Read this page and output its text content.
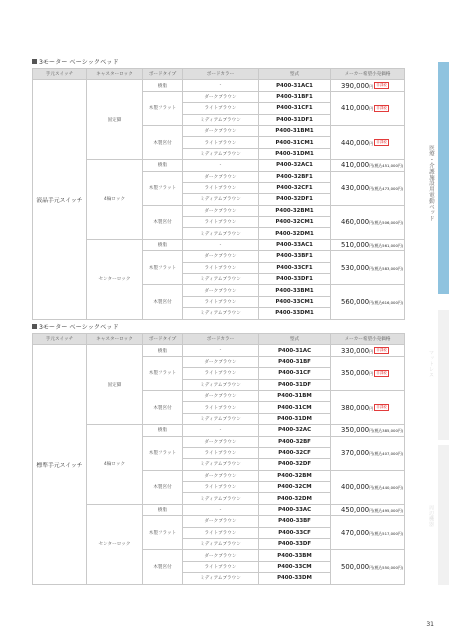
医療・介護施設用電動ベッド
マットレス
周辺機器
3モーター ベーシックベッド
手元スイッチ	キャスターロック	ボードタイプ	ボードカラー	型式	メーカー希望小売価格
液晶手元スイッチ	固定脚	樹脂	-	P400-31AC1	390,000円 非課税
		木製フラット	ダークブラウン	P400-31BF1	410,000円 非課税
			ライトブラウン	P400-31CF1	
			ミディアムブラウン	P400-31DF1	
		木製宮付	ダークブラウン	P400-31BM1	440,000円 非課税
			ライトブラウン	P400-31CM1	
			ミディアムブラウン	P400-31DM1	
	4輪ロック	樹脂	-	P400-32AC1	410,000円(税込451,000円)
		木製フラット	ダークブラウン	P400-32BF1	430,000円(税込473,000円)
			ライトブラウン	P400-32CF1	
			ミディアムブラウン	P400-32DF1	
		木製宮付	ダークブラウン	P400-32BM1	460,000円(税込506,000円)
			ライトブラウン	P400-32CM1	
			ミディアムブラウン	P400-32DM1	
	センターロック	樹脂	-	P400-33AC1	510,000円(税込561,000円)
		木製フラット	ダークブラウン	P400-33BF1	530,000円(税込583,000円)
			ライトブラウン	P400-33CF1	
			ミディアムブラウン	P400-33DF1	
		木製宮付	ダークブラウン	P400-33BM1	560,000円(税込616,000円)
			ライトブラウン	P400-33CM1	
			ミディアムブラウン	P400-33DM1	
3モーター ベーシックベッド
手元スイッチ	キャスターロック	ボードタイプ	ボードカラー	型式	メーカー希望小売価格
標準手元スイッチ	固定脚	樹脂	-	P400-31AC	330,000円 非課税
		木製フラット	ダークブラウン	P400-31BF	350,000円 非課税
			ライトブラウン	P400-31CF	
			ミディアムブラウン	P400-31DF	
		木製宮付	ダークブラウン	P400-31BM	380,000円 非課税
			ライトブラウン	P400-31CM	
			ミディアムブラウン	P400-31DM	
	4輪ロック	樹脂	-	P400-32AC	350,000円(税込385,000円)
		木製フラット	ダークブラウン	P400-32BF	370,000円(税込407,000円)
			ライトブラウン	P400-32CF	
			ミディアムブラウン	P400-32DF	
		木製宮付	ダークブラウン	P400-32BM	400,000円(税込440,000円)
			ライトブラウン	P400-32CM	
			ミディアムブラウン	P400-32DM	
	センターロック	樹脂	-	P400-33AC	450,000円(税込495,000円)
		木製フラット	ダークブラウン	P400-33BF	470,000円(税込517,000円)
			ライトブラウン	P400-33CF	
			ミディアムブラウン	P400-33DF	
		木製宮付	ダークブラウン	P400-33BM	500,000円(税込550,000円)
			ライトブラウン	P400-33CM	
			ミディアムブラウン	P400-33DM	
31
